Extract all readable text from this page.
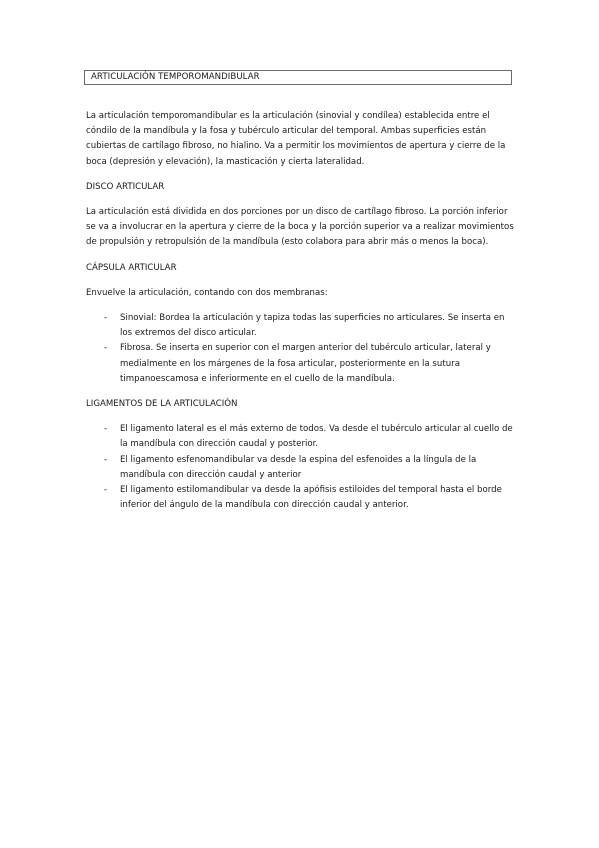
ARTICULACIÓN TEMPOROMANDIBULAR

La articulación temporomandibular es la articulación (sinovial y condílea) establecida entre el cóndilo de la mandíbula y la fosa y tubérculo articular del temporal. Ambas superficies están cubiertas de cartílago fibroso, no hialino. Va a permitir los movimientos de apertura y cierre de la boca (depresión y elevación), la masticación y cierta lateralidad.

DISCO ARTICULAR

La articulación está dividida en dos porciones por un disco de cartílago fibroso. La porción inferior se va a involucrar en la apertura y cierre de la boca y la porción superior va a realizar movimientos de propulsión y retropulsión de la mandíbula (esto colabora para abrir más o menos la boca).

CÁPSULA ARTICULAR

Envuelve la articulación, contando con dos membranas:

- Sinovial: Bordea la articulación y tapiza todas las superficies no articulares. Se inserta en los extremos del disco articular.
- Fibrosa. Se inserta en superior con el margen anterior del tubérculo articular, lateral y medialmente en los márgenes de la fosa articular, posteriormente en la sutura timpanoescamosa e inferiormente en el cuello de la mandíbula.

LIGAMENTOS DE LA ARTICULACIÓN

- El ligamento lateral es el más externo de todos. Va desde el tubérculo articular al cuello de la mandíbula con dirección caudal y posterior.
- El ligamento esfenomandibular va desde la espina del esfenoides a la língula de la mandíbula con dirección caudal y anterior
- El ligamento estilomandibular va desde la apófisis estiloides del temporal hasta el borde inferior del ángulo de la mandíbula con dirección caudal y anterior.
